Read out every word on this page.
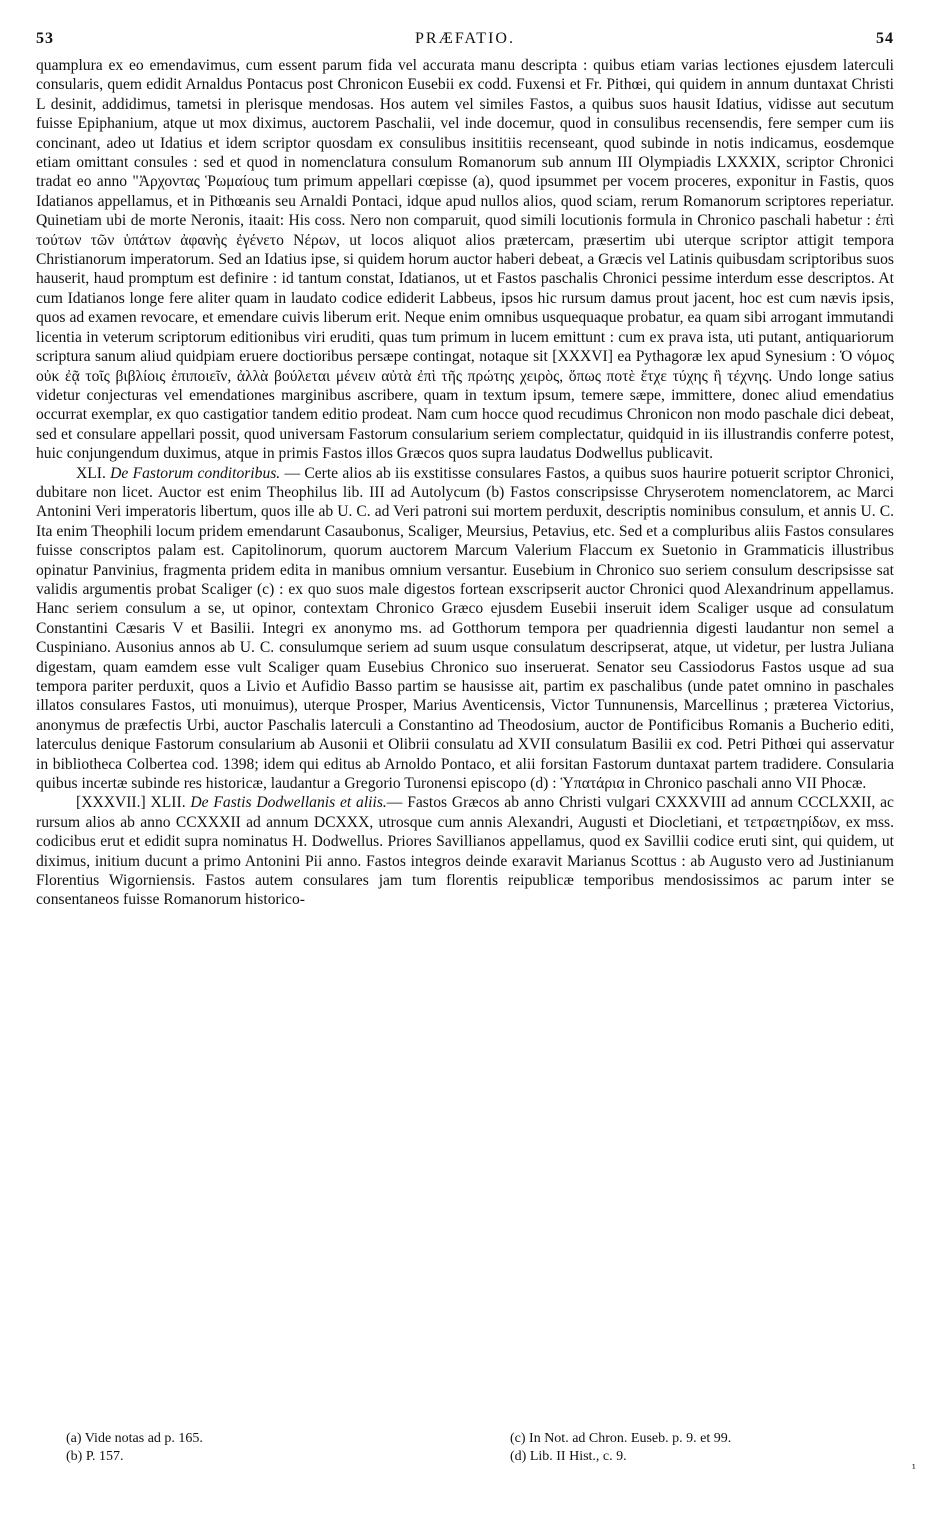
53	PRÆFATIO.	54

quamplura ex eo emendavimus, cum essent parum fida vel accurata manu descripta : quibus etiam varias lectiones ejusdem laterculi consularis, quem edidit Arnaldus Pontacus post Chronicon Eusebii ex codd. Fuxensi et Fr. Pithœi, qui quidem in annum duntaxat Christi L desinit, addidimus, tametsi in plerisque mendosas. Hos autem vel similes Fastos, a quibus suos hausit Idatius, vidisse aut secutum fuisse Epiphanium, atque ut mox diximus, auctorem Paschalii, vel inde docemur, quod in consulibus recensendis, fere semper cum iis concinant, adeo ut Idatius et idem scriptor quosdam ex consulibus insititiis recenseant, quod subinde in notis indicamus, eosdemque etiam omittant consules : sed et quod in nomenclatura consulum Romanorum sub annum III Olympiadis LXXXIX, scriptor Chronici tradat eo anno "Ἀρχοντας Ῥωμαίους tum primum appellari cœpisse (a), quod ipsummet per vocem proceres, exponitur in Fastis, quos Idatianos appellamus, et in Pithœanis seu Arnaldi Pontaci, idque apud nullos alios, quod sciam, rerum Romanorum scriptores reperiatur. Quinetiam ubi de morte Neronis, itaait: His coss. Nero non comparuit, quod simili locutionis formula in Chronico paschali habetur : ἐπὶ τούτων τῶν ὑπάτων ἀφανὴς ἐγένετο Νέρων, ut locos aliquot alios prætercam, præsertim ubi uterque scriptor attigit tempora Christianorum imperatorum. Sed an Idatius ipse, si quidem horum auctor haberi debeat, a Græcis vel Latinis quibusdam scriptoribus suos hauserit, haud promptum est definire : id tantum constat, Idatianos, ut et Fastos paschalis Chronici pessime interdum esse descriptos. At cum Idatianos longe fere aliter quam in laudato codice ediderit Labbeus, ipsos hic rursum damus prout jacent, hoc est cum nævis ipsis, quos ad examen revocare, et emendare cuivis liberum erit. Neque enim omnibus usquequaque probatur, ea quam sibi arrogant immutandi licentia in veterum scriptorum editionibus viri eruditi, quas tum primum in lucem emittunt : cum ex prava ista, uti putant, antiquariorum scriptura sanum aliud quidpiam eruere doctioribus persæpe contingat, notaque sit [XXXVI] ea Pythagoræ lex apud Synesium : Ὁ νόμος οὐκ ἐᾷ τοῖς βιβλίοις ἐπιποιεῖν, ἀλλὰ βούλεται μένειν αὐτὰ ἐπὶ τῆς πρώτης χειρὸς, ὅπως ποτὲ ἔτχε τύχης ἢ τέχνης. Undo longe satius videtur conjecturas vel emendationes marginibus ascribere, quam in textum ipsum, temere sæpe, immittere, donec aliud emendatius occurrat exemplar, ex quo castigatior tandem editio prodeat. Nam cum hocce quod recudimus Chronicon non modo paschale dici debeat, sed et consulare appellari possit, quod universam Fastorum consularium seriem complectatur, quidquid in iis illustrandis conferre potest, huic conjungendum duximus, atque in primis Fastos illos Græcos quos supra laudatus Dodwellus publicavit.

XLI. De Fastorum conditoribus. — Certe alios ab iis exstitisse consulares Fastos, a quibus suos haurire potuerit scriptor Chronici, dubitare non licet. Auctor est enim Theophilus lib. III ad Autolycum (b) Fastos conscripsisse Chryserotem nomenclatorem, ac Marci Antonini Veri imperatoris libertum, quos ille ab U. C. ad Veri patroni sui mortem perduxit, descriptis nominibus consulum, et annis U. C. Ita enim Theophili locum pridem emendarunt Casaubonus, Scaliger, Meursius, Petavius, etc. Sed et a compluribus aliis Fastos consulares fuisse conscriptos palam est. Capitolinorum, quorum auctorem Marcum Valerium Flaccum ex Suetonio in Grammaticis illustribus opinatur Panvinius, fragmenta pridem edita in manibus omnium versantur. Eusebium in Chronico suo seriem consulum descripsisse sat validis argumentis probat Scaliger (c) : ex quo suos male digestos fortean exscripserit auctor Chronici quod Alexandrinum appellamus. Hanc seriem consulum a se, ut opinor, contextam Chronico Græco ejusdem Eusebii inseruit idem Scaliger usque ad consulatum Constantini Cæsaris V et Basilii. Integri ex anonymo ms. ad Gotthorum tempora per quadriennia digesti laudantur non semel a Cuspiniano. Ausonius annos ab U. C. consulumque seriem ad suum usque consulatum descripserat, atque, ut videtur, per lustra Juliana digestam, quam eamdem esse vult Scaliger quam Eusebius Chronico suo inseruerat. Senator seu Cassiodorus Fastos usque ad sua tempora pariter perduxit, quos a Livio et Aufidio Basso partim se hausisse ait, partim ex paschalibus (unde patet omnino in paschales illatos consulares Fastos, uti monuimus), uterque Prosper, Marius Aventicensis, Victor Tunnunensis, Marcellinus ; præterea Victorius, anonymus de præfectis Urbi, auctor Paschalis laterculi a Constantino ad Theodosium, auctor de Pontificibus Romanis a Bucherio editi, laterculus denique Fastorum consularium ab Ausonii et Olibrii consulatu ad XVII consulatum Basilii ex cod. Petri Pithœi qui asservatur in bibliotheca Colbertea cod. 1398; idem qui editus ab Arnoldo Pontaco, et alii forsitan Fastorum duntaxat partem tradidere. Consularia quibus incertæ subinde res historicæ, laudantur a Gregorio Turonensi episcopo (d) : Ὑπατάρια in Chronico paschali anno VII Phocæ.

[XXXVII.] XLII. De Fastis Dodwellanis et aliis.— Fastos Græcos ab anno Christi vulgari CXXXVIII ad annum CCCLXXII, ac rursum alios ab anno CCXXXII ad annum DCXXX, utrosque cum annis Alexandri, Augusti et Diocletiani, et τετραετηρίδων, ex mss. codicibus erut et edidit supra nominatus H. Dodwellus. Priores Savillianos appellamus, quod ex Savillii codice eruti sint, qui quidem, ut diximus, initium ducunt a primo Antonini Pii anno. Fastos integros deinde exaravit Marianus Scottus : ab Augusto vero ad Justinianum Florentius Wigorniensis. Fastos autem consulares jam tum florentis reipublicæ temporibus mendosissimos ac parum inter se consentaneos fuisse Romanorum historico-

(a) Vide notas ad p. 165.	(c) In Not. ad Chron. Euseb. p. 9. et 99.
(b) P. 157.	(d) Lib. II Hist., c. 9.
¹
